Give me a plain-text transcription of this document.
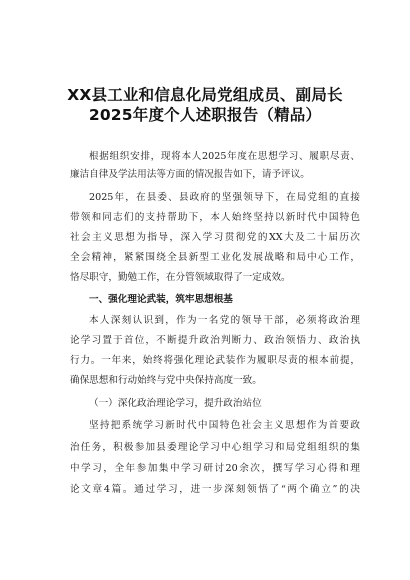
XX县工业和信息化局党组成员、副局长
2025年度个人述职报告（精品）
根据组织安排，现将本人2025年度在思想学习、履职尽责、
廉洁自律及学法用法等方面的情况报告如下，请予评议。
2025年，在县委、县政府的坚强领导下，在局党组的直接
带领和同志们的支持帮助下，本人始终坚持以新时代中国特色
社会主义思想为指导，深入学习贯彻党的XX大及二十届历次
全会精神，紧紧围绕全县新型工业化发展战略和局中心工作，
恪尽职守，勤勉工作，在分管领域取得了一定成效。
一、强化理论武装，筑牢思想根基
本人深刻认识到，作为一名党的领导干部，必须将政治理
论学习置于首位，不断提升政治判断力、政治领悟力、政治执
行力。一年来，始终将强化理论武装作为履职尽责的根本前提，
确保思想和行动始终与党中央保持高度一致。
（一）深化政治理论学习，提升政治站位
坚持把系统学习新时代中国特色社会主义思想作为首要政
治任务，积极参加县委理论学习中心组学习和局党组组织的集
中学习，全年参加集中学习研讨20余次，撰写学习心得和理
论文章4篇。通过学习，进一步深刻领悟了“两个确立”的决
